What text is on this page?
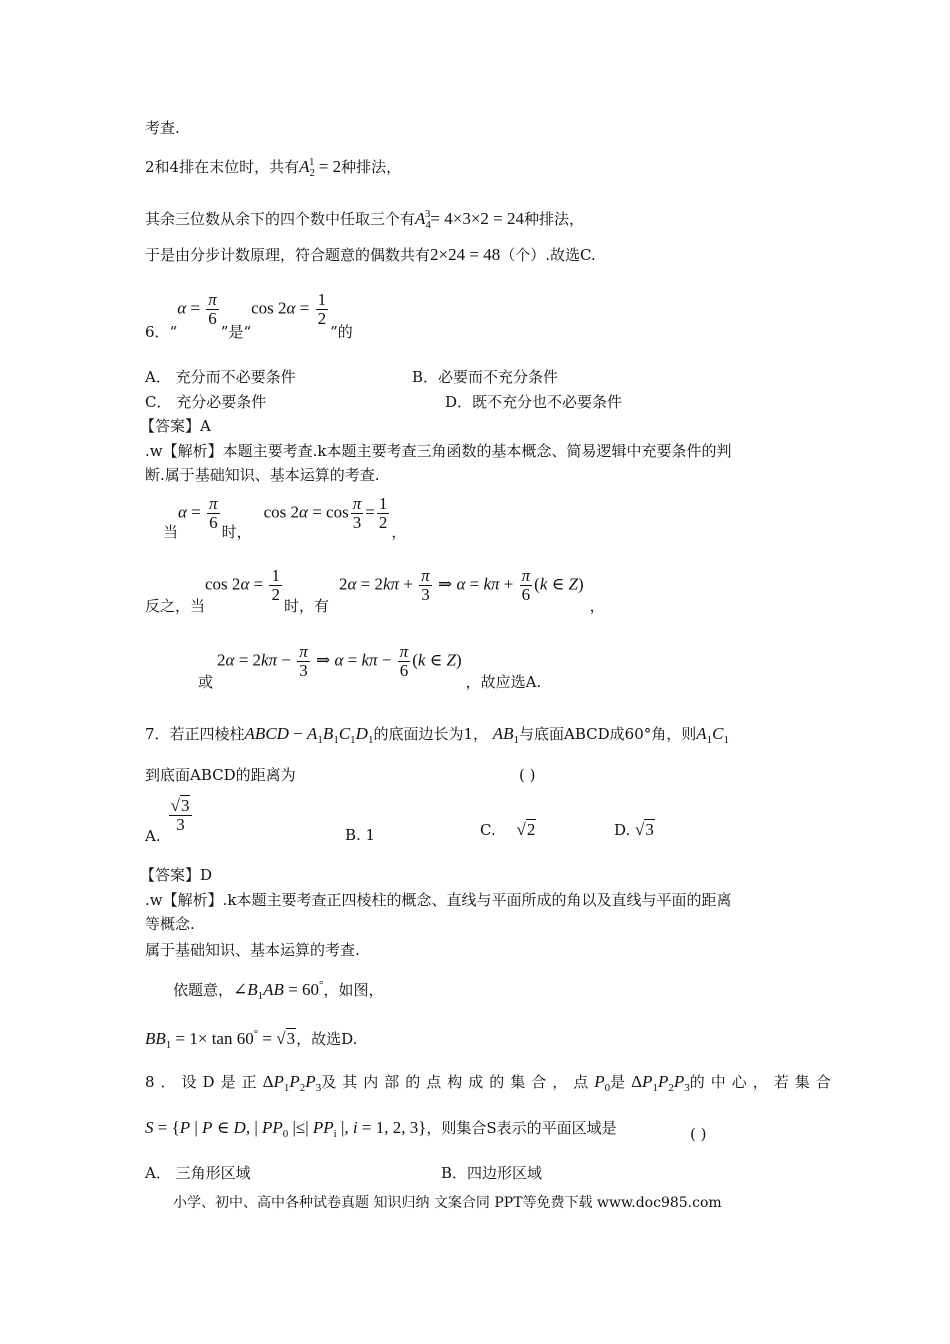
考查.
2和4排在末位时，共有$A_2^1 = 2$种排法，
其余三位数从余下的四个数中任取三个有$A_4^3= 4\times 3\times 2 = 24$种排法，
于是由分步计数原理，符合题意的偶数共有2×24 = 48（个）.故选C.
6．“
$\alpha = \frac{\pi}{6}$
”是“
$\cos 2\alpha = \frac{1}{2}$
”的
A． 充分而不必要条件	B．必要而不充分条件
C． 充分必要条件	D．既不充分也不必要条件
【答案】A
.w【解析】本题主要考查.k本题主要考查三角函数的基本概念、简易逻辑中充要条件的判
断.属于基础知识、基本运算的考查.
当
$\alpha = \frac{\pi}{6}$ 时，
$\cos 2\alpha = \cos \frac{\pi}{3} = \frac{1}{2}$ ，
反之，当
$\cos 2\alpha = \frac{1}{2}$
时，有
$2\alpha = 2k\pi + \frac{\pi}{3}$ ⇒ $\alpha = k\pi + \frac{\pi}{6} (k$ ∈ Z)
，
或
$2\alpha = 2k\pi - \frac{\pi}{3}$ ⇒ $\alpha = k\pi - \frac{\pi}{6} (k$ ∈ Z)
，故应选A.
7．若正四棱柱ABCD − $A_1B_1C_1D_1$的底面边长为1， $AB_1$与底面ABCD成60°角，则$A_1C_1$
到底面ABCD的距离为	( )
A.
$\frac{√3}{3}$
B. 1	C. √2	D. √3
【答案】D
.w【解析】.k本题主要考查正四棱柱的概念、直线与平面所成的角以及直线与平面的距离
等概念.
属于基础知识、基本运算的考查.
依题意，$\angle B_1AB = 60^\circ$，如图，
$BB_1 = 1\times \tan 60^\circ = √3$，故选D.
8．设D是正$\Delta P_1P_2P_3$及其内部的点构成的集合，点$P_0$是$\Delta P_1P_2P_3$的中心，若集合
S = {P | P ∈ D, | $PP_0$ |≤| $PP_i$ |, i = 1, 2, 3}，则集合S表示的平面区域是	( )
A． 三角形区域	B．四边形区域
小学、初中、高中各种试卷真题 知识归纳 文案合同 PPT等免费下载 www.doc985.com
